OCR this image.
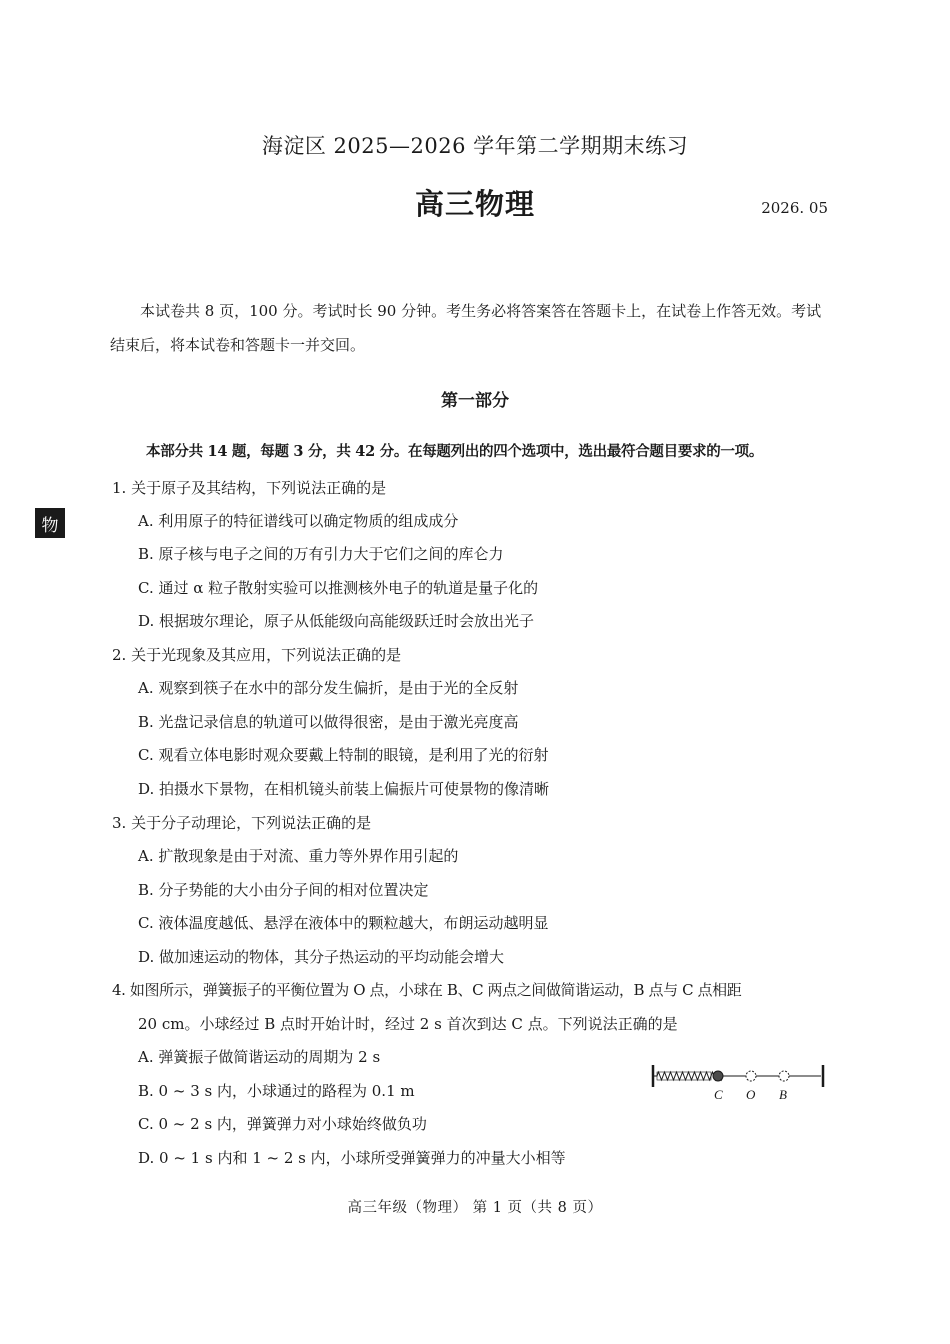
海淀区 2025—2026 学年第二学期期末练习
高三物理	2026. 05
本试卷共 8 页，100 分。考试时长 90 分钟。考生务必将答案答在答题卡上，在试卷上作答无效。考试结束后，将本试卷和答题卡一并交回。
第一部分
本部分共 14 题，每题 3 分，共 42 分。在每题列出的四个选项中，选出最符合题目要求的一项。
物
1. 关于原子及其结构，下列说法正确的是
A. 利用原子的特征谱线可以确定物质的组成成分
B. 原子核与电子之间的万有引力大于它们之间的库仑力
C. 通过 α 粒子散射实验可以推测核外电子的轨道是量子化的
D. 根据玻尔理论，原子从低能级向高能级跃迁时会放出光子
2. 关于光现象及其应用，下列说法正确的是
A. 观察到筷子在水中的部分发生偏折，是由于光的全反射
B. 光盘记录信息的轨道可以做得很密，是由于激光亮度高
C. 观看立体电影时观众要戴上特制的眼镜，是利用了光的衍射
D. 拍摄水下景物，在相机镜头前装上偏振片可使景物的像清晰
3. 关于分子动理论，下列说法正确的是
A. 扩散现象是由于对流、重力等外界作用引起的
B. 分子势能的大小由分子间的相对位置决定
C. 液体温度越低、悬浮在液体中的颗粒越大，布朗运动越明显
D. 做加速运动的物体，其分子热运动的平均动能会增大
4. 如图所示，弹簧振子的平衡位置为 O 点，小球在 B、C 两点之间做简谐运动，B 点与 C 点相距
20 cm。小球经过 B 点时开始计时，经过 2 s 首次到达 C 点。下列说法正确的是
A. 弹簧振子做简谐运动的周期为 2 s
B. 0 ~ 3 s 内，小球通过的路程为 0.1 m
C. 0 ~ 2 s 内，弹簧弹力对小球始终做负功
D. 0 ~ 1 s 内和 1 ~ 2 s 内，小球所受弹簧弹力的冲量大小相等
C O B
高三年级（物理） 第 1 页（共 8 页）
